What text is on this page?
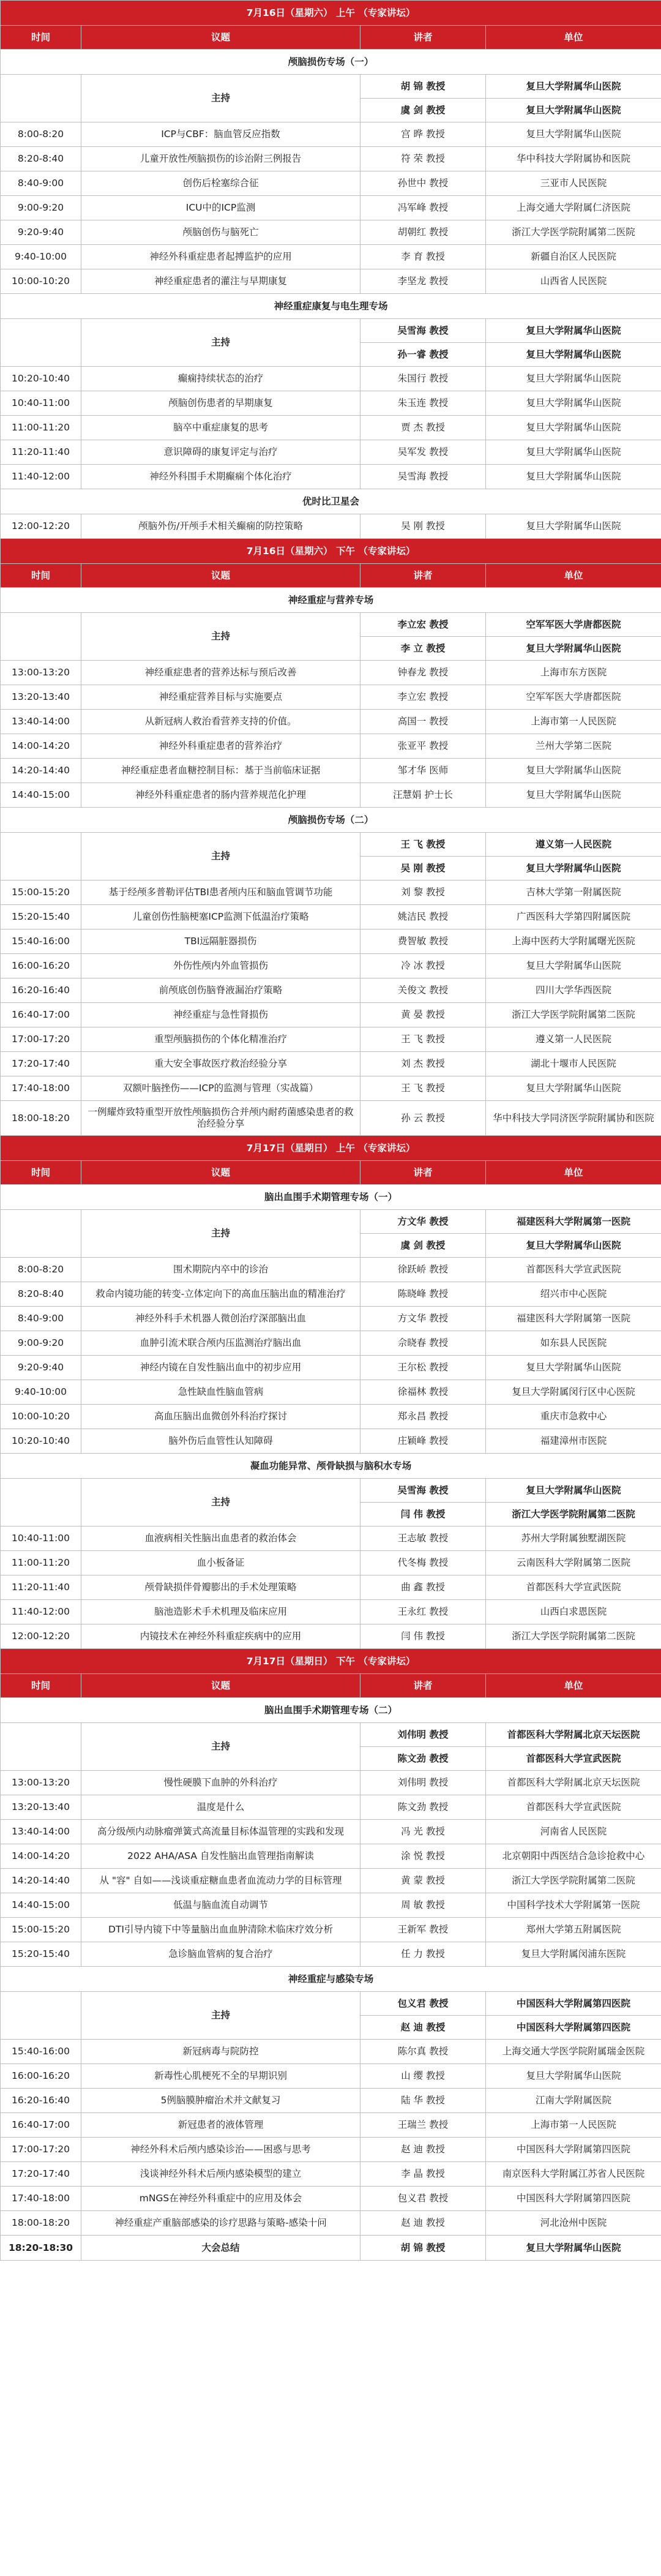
7月16日（星期六） 上午 （专家讲坛）			
时间	议题	讲者	单位
颅脑损伤专场（一）			
	主持	胡 锦 教授	复旦大学附属华山医院
		虞 剑 教授	复旦大学附属华山医院
8:00-8:20	ICP与CBF：脑血管反应指数	宫 晔 教授	复旦大学附属华山医院
8:20-8:40	儿童开放性颅脑损伤的诊治附三例报告	符 荣 教授	华中科技大学附属协和医院
8:40-9:00	创伤后栓塞综合征	孙世中 教授	三亚市人民医院
9:00-9:20	ICU中的ICP监测	冯军峰 教授	上海交通大学附属仁济医院
9:20-9:40	颅脑创伤与脑死亡	胡朝红 教授	浙江大学医学院附属第二医院
9:40-10:00	神经外科重症患者起搏监护的应用	李 育 教授	新疆自治区人民医院
10:00-10:20	神经重症患者的灌注与早期康复	李坚龙 教授	山西省人民医院
神经重症康复与电生理专场			
	主持	吴雪海 教授	复旦大学附属华山医院
		孙一睿 教授	复旦大学附属华山医院
10:20-10:40	癫痫持续状态的治疗	朱国行 教授	复旦大学附属华山医院
10:40-11:00	颅脑创伤患者的早期康复	朱玉连 教授	复旦大学附属华山医院
11:00-11:20	脑卒中重症康复的思考	贾 杰 教授	复旦大学附属华山医院
11:20-11:40	意识障碍的康复评定与治疗	吴军发 教授	复旦大学附属华山医院
11:40-12:00	神经外科围手术期癫痫个体化治疗	吴雪海 教授	复旦大学附属华山医院
优时比卫星会			
12:00-12:20	颅脑外伤/开颅手术相关癫痫的防控策略	吴 刚 教授	复旦大学附属华山医院
7月16日（星期六） 下午 （专家讲坛）			
时间	议题	讲者	单位
神经重症与营养专场			
	主持	李立宏 教授	空军军医大学唐都医院
		李 立 教授	复旦大学附属华山医院
13:00-13:20	神经重症患者的营养达标与预后改善	钟春龙 教授	上海市东方医院
13:20-13:40	神经重症营养目标与实施要点	李立宏 教授	空军军医大学唐都医院
13:40-14:00	从新冠病人救治看营养支持的价值。	高国一 教授	上海市第一人民医院
14:00-14:20	神经外科重症患者的营养治疗	张亚平 教授	兰州大学第二医院
14:20-14:40	神经重症患者血糖控制目标：基于当前临床证据	邹才华 医师	复旦大学附属华山医院
14:40-15:00	神经外科重症患者的肠内营养规范化护理	汪慧娟 护士长	复旦大学附属华山医院
颅脑损伤专场（二）			
	主持	王 飞 教授	遵义第一人民医院
		吴 刚 教授	复旦大学附属华山医院
15:00-15:20	基于经颅多普勒评估TBI患者颅内压和脑血管调节功能	刘 黎 教授	吉林大学第一附属医院
15:20-15:40	儿童创伤性脑梗塞ICP监测下低温治疗策略	姚洁民 教授	广西医科大学第四附属医院
15:40-16:00	TBI远隔脏器损伤	费智敏 教授	上海中医药大学附属曙光医院
16:00-16:20	外伤性颅内外血管损伤	冷 冰 教授	复旦大学附属华山医院
16:20-16:40	前颅底创伤脑脊液漏治疗策略	关俊文 教授	四川大学华西医院
16:40-17:00	神经重症与急性肾损伤	黄 晏 教授	浙江大学医学院附属第二医院
17:00-17:20	重型颅脑损伤的个体化精准治疗	王 飞 教授	遵义第一人民医院
17:20-17:40	重大安全事故医疗救治经验分享	刘 杰 教授	湖北十堰市人民医院
17:40-18:00	双额叶脑挫伤——ICP的监测与管理（实战篇）	王 飞 教授	复旦大学附属华山医院
18:00-18:20	一例耀炸致特重型开放性颅脑损伤合并颅内耐药菌感染患者的救治经验分享	孙 云 教授	华中科技大学同济医学院附属协和医院
7月17日（星期日） 上午 （专家讲坛）			
时间	议题	讲者	单位
脑出血围手术期管理专场（一）			
	主持	方文华 教授	福建医科大学附属第一医院
		虞 剑 教授	复旦大学附属华山医院
8:00-8:20	围术期院内卒中的诊治	徐跃峤 教授	首都医科大学宣武医院
8:20-8:40	救命内镜功能的转变-立体定向下的高血压脑出血的精准治疗	陈晓峰 教授	绍兴市中心医院
8:40-9:00	神经外科手术机器人微创治疗深部脑出血	方文华 教授	福建医科大学附属第一医院
9:00-9:20	血肿引流术联合颅内压监测治疗脑出血	佘晓春 教授	如东县人民医院
9:20-9:40	神经内镜在自发性脑出血中的初步应用	王尔松 教授	复旦大学附属华山医院
9:40-10:00	急性缺血性脑血管病	徐福林 教授	复旦大学附属闵行区中心医院
10:00-10:20	高血压脑出血微创外科治疗探讨	郑永昌 教授	重庆市急救中心
10:20-10:40	脑外伤后血管性认知障碍	庄颖峰 教授	福建漳州市医院
凝血功能异常、颅骨缺损与脑积水专场			
	主持	吴雪海 教授	复旦大学附属华山医院
		闫 伟 教授	浙江大学医学院附属第二医院
10:40-11:00	血液病相关性脑出血患者的救治体会	王志敏 教授	苏州大学附属独墅湖医院
11:00-11:20	血小板备证	代冬梅 教授	云南医科大学附属第二医院
11:20-11:40	颅骨缺损伴骨瓣膨出的手术处理策略	曲 鑫 教授	首都医科大学宣武医院
11:40-12:00	脑池造影术手术机理及临床应用	王永红 教授	山西白求恩医院
12:00-12:20	内镜技术在神经外科重症疾病中的应用	闫 伟 教授	浙江大学医学院附属第二医院
7月17日（星期日） 下午 （专家讲坛）			
时间	议题	讲者	单位
脑出血围手术期管理专场（二）			
	主持	刘伟明 教授	首都医科大学附属北京天坛医院
		陈文劲 教授	首都医科大学宣武医院
13:00-13:20	慢性硬膜下血肿的外科治疗	刘伟明 教授	首都医科大学附属北京天坛医院
13:20-13:40	温度是什么	陈文劲 教授	首都医科大学宣武医院
13:40-14:00	高分级颅内动脉瘤弹簧式高流量目标体温管理的实践和发现	冯 光 教授	河南省人民医院
14:00-14:20	2022 AHA/ASA 自发性脑出血管理指南解读	涂 悦 教授	北京朝阳中西医结合急诊抢救中心
14:20-14:40	从 "容" 自如——浅谈重症糖血患者血流动力学的目标管理	黄 蒙 教授	浙江大学医学院附属第二医院
14:40-15:00	低温与脑血流自动调节	周 敏 教授	中国科学技术大学附属第一医院
15:00-15:20	DTI引导内镜下中等量脑出血血肿清除术临床疗效分析	王新军 教授	郑州大学第五附属医院
15:20-15:40	急诊脑血管病的复合治疗	任 力 教授	复旦大学附属闵浦东医院
神经重症与感染专场			
	主持	包义君 教授	中国医科大学附属第四医院
		赵 迪 教授	中国医科大学附属第四医院
15:40-16:00	新冠病毒与院防控	陈尔真 教授	上海交通大学医学院附属瑞金医院
16:00-16:20	新毒性心肌梗死不全的早期识别	山 缨 教授	复旦大学附属华山医院
16:20-16:40	5例脑膜肿瘤治术并文献复习	陆 华 教授	江南大学附属医院
16:40-17:00	新冠患者的液体管理	王瑞兰 教授	上海市第一人民医院
17:00-17:20	神经外科术后颅内感染诊治——困惑与思考	赵 迪 教授	中国医科大学附属第四医院
17:20-17:40	浅谈神经外科术后颅内感染模型的建立	李 晶 教授	南京医科大学附属江苏省人民医院
17:40-18:00	mNGS在神经外科重症中的应用及体会	包义君 教授	中国医科大学附属第四医院
18:00-18:20	神经重症产重脑部感染的诊疗思路与策略-感染十问	赵 迪 教授	河北沧州中医院
18:20-18:30	大会总结	胡 锦 教授	复旦大学附属华山医院
